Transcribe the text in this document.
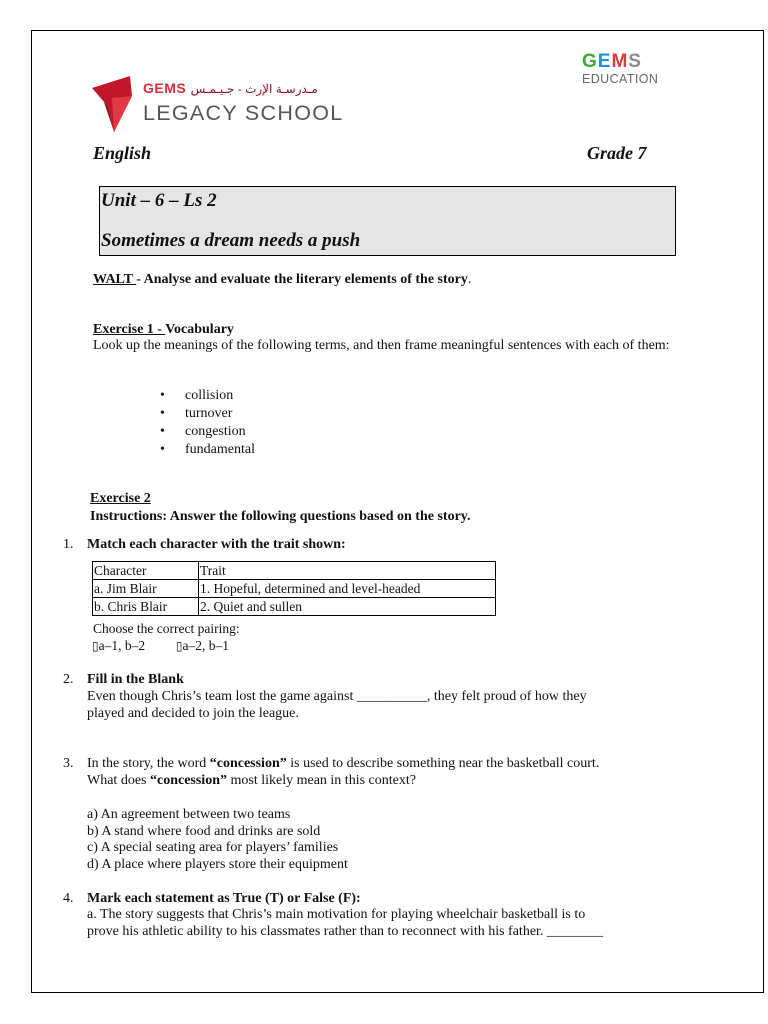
GEMS مـدرسـة الإرث - جـيـمـس
LEGACY SCHOOL
GEMS
EDUCATION
English	Grade 7
Unit – 6 – Ls 2
Sometimes a dream needs a push
WALT - Analyse and evaluate the literary elements of the story.
Exercise 1 - Vocabulary
Look up the meanings of the following terms, and then frame meaningful sentences with each of them:
• collision
• turnover
• congestion
• fundamental
Exercise 2
Instructions: Answer the following questions based on the story.
1. Match each character with the trait shown:
Character	Trait
a. Jim Blair	1. Hopeful, determined and level-headed
b. Chris Blair	2. Quiet and sullen
Choose the correct pairing:
▯a–1, b–2	▯a–2, b–1
2. Fill in the Blank
Even though Chris’s team lost the game against __________, they felt proud of how they
played and decided to join the league.
3. In the story, the word “concession” is used to describe something near the basketball court.
What does “concession” most likely mean in this context?
a) An agreement between two teams
b) A stand where food and drinks are sold
c) A special seating area for players’ families
d) A place where players store their equipment
4. Mark each statement as True (T) or False (F):
a. The story suggests that Chris’s main motivation for playing wheelchair basketball is to
prove his athletic ability to his classmates rather than to reconnect with his father. ________
